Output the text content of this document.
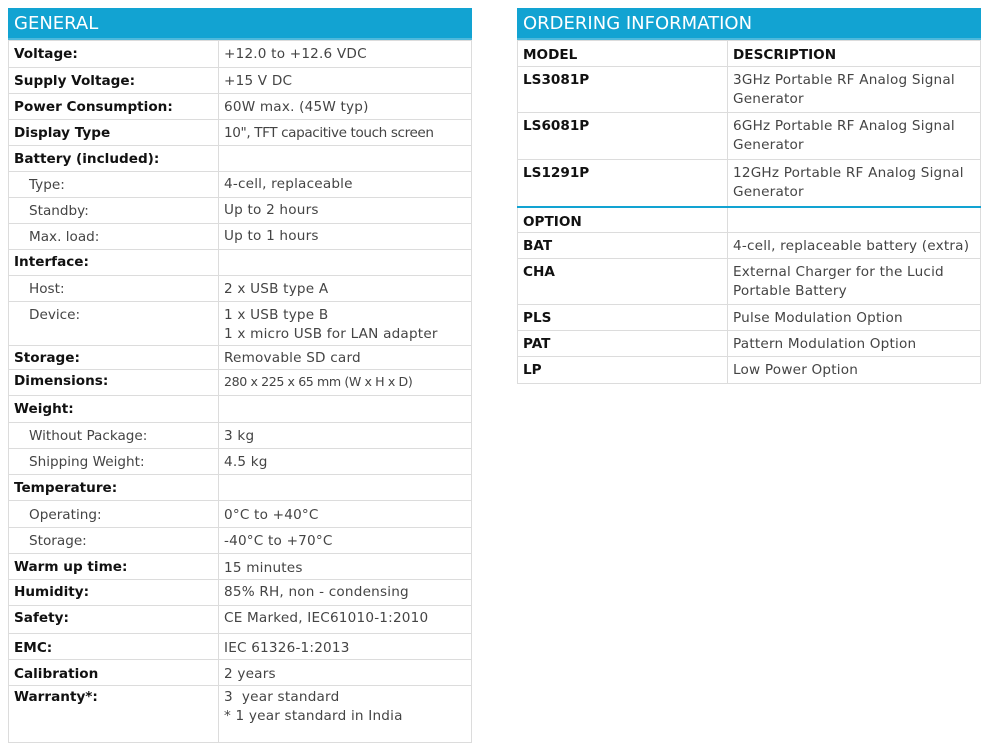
GENERAL
Voltage:	+12.0 to +12.6 VDC
Supply Voltage:	+15 V DC
Power Consumption:	60W max. (45W typ)
Display Type	10", TFT capacitive touch screen
Battery (included):	
Type:	4-cell, replaceable
Standby:	Up to 2 hours
Max. load:	Up to 1 hours
Interface:	
Host:	2 x USB type A
Device:	1 x USB type B
1 x micro USB for LAN adapter

Storage:	Removable SD card
Dimensions:	280 x 225 x 65 mm (W x H x D)
Weight:	
Without Package:	3 kg
Shipping Weight:	4.5 kg
Temperature:	
Operating:	0°C to +40°C
Storage:	-40°C to +70°C
Warm up time:	15 minutes
Humidity:	85% RH, non - condensing
Safety:	CE Marked, IEC61010-1:2010
EMC:	IEC 61326-1:2013
Calibration	2 years
Warranty*:	3  year standard
* 1 year standard in India
ORDERING INFORMATION
MODEL	DESCRIPTION
LS3081P	3GHz Portable RF Analog Signal
Generator

LS6081P	6GHz Portable RF Analog Signal
Generator

LS1291P	12GHz Portable RF Analog Signal
Generator

OPTION	
BAT	4-cell, replaceable battery (extra)
CHA	External Charger for the Lucid
Portable Battery

PLS	Pulse Modulation Option
PAT	Pattern Modulation Option
LP	Low Power Option
